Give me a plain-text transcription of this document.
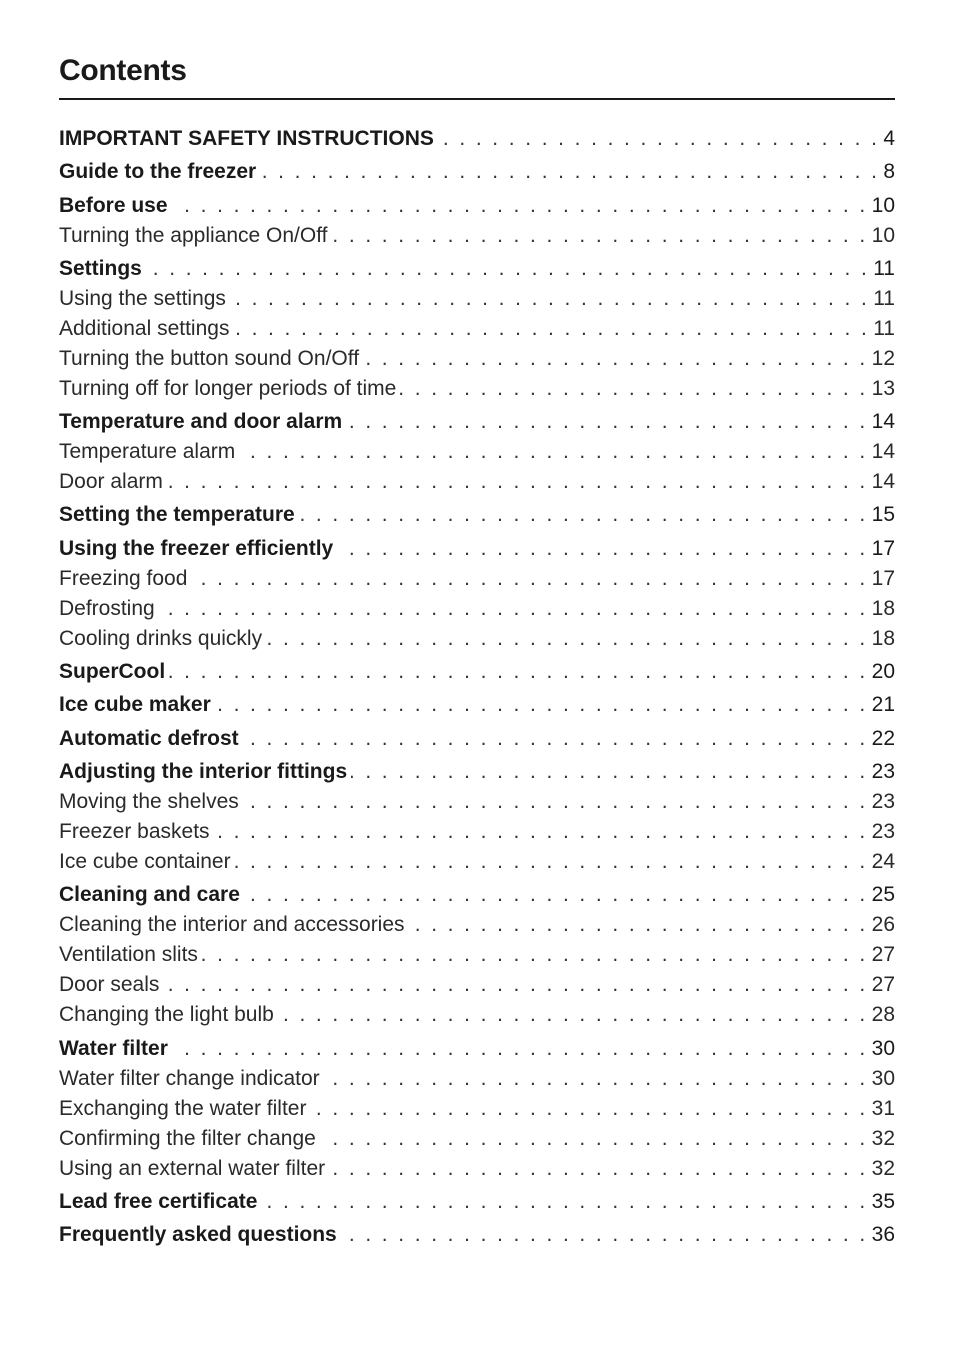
Contents
IMPORTANT SAFETY INSTRUCTIONS . . .	4
Guide to the freezer . . .	8
Before use . . .	10
Turning the appliance On/Off . . .	10
Settings . . .	11
Using the settings . . .	11
Additional settings . . .	11
Turning the button sound On/Off . . .	12
Turning off for longer periods of time . . .	13
Temperature and door alarm . . .	14
Temperature alarm . . .	14
Door alarm . . .	14
Setting the temperature . . .	15
Using the freezer efficiently . . .	17
Freezing food . . .	17
Defrosting . . .	18
Cooling drinks quickly . . .	18
SuperCool . . .	20
Ice cube maker . . .	21
Automatic defrost . . .	22
Adjusting the interior fittings . . .	23
Moving the shelves . . .	23
Freezer baskets . . .	23
Ice cube container . . .	24
Cleaning and care . . .	25
Cleaning the interior and accessories . . .	26
Ventilation slits . . .	27
Door seals . . .	27
Changing the light bulb . . .	28
Water filter . . .	30
Water filter change indicator . . .	30
Exchanging the water filter . . .	31
Confirming the filter change . . .	32
Using an external water filter . . .	32
Lead free certificate . . .	35
Frequently asked questions . . .	36
